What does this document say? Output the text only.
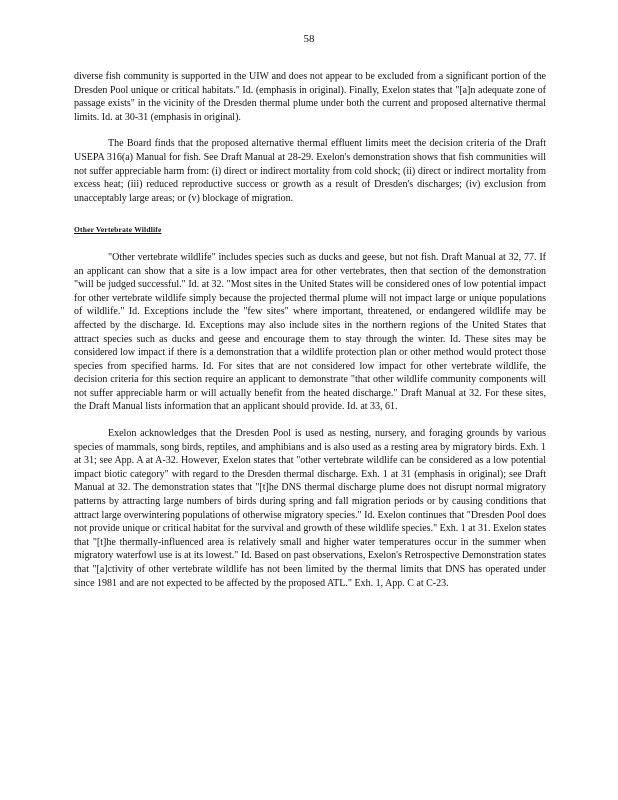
58

diverse fish community is supported in the UIW and does not appear to be excluded from a significant portion of the Dresden Pool unique or critical habitats." Id. (emphasis in original). Finally, Exelon states that "[a]n adequate zone of passage exists" in the vicinity of the Dresden thermal plume under both the current and proposed alternative thermal limits. Id. at 30-31 (emphasis in original).

The Board finds that the proposed alternative thermal effluent limits meet the decision criteria of the Draft USEPA 316(a) Manual for fish. See Draft Manual at 28-29. Exelon's demonstration shows that fish communities will not suffer appreciable harm from: (i) direct or indirect mortality from cold shock; (ii) direct or indirect mortality from excess heat; (iii) reduced reproductive success or growth as a result of Dresden's discharges; (iv) exclusion from unacceptably large areas; or (v) blockage of migration.

Other Vertebrate Wildlife

"Other vertebrate wildlife" includes species such as ducks and geese, but not fish. Draft Manual at 32, 77. If an applicant can show that a site is a low impact area for other vertebrates, then that section of the demonstration "will be judged successful." Id. at 32. "Most sites in the United States will be considered ones of low potential impact for other vertebrate wildlife simply because the projected thermal plume will not impact large or unique populations of wildlife." Id. Exceptions include the "few sites" where important, threatened, or endangered wildlife may be affected by the discharge. Id. Exceptions may also include sites in the northern regions of the United States that attract species such as ducks and geese and encourage them to stay through the winter. Id. These sites may be considered low impact if there is a demonstration that a wildlife protection plan or other method would protect those species from specified harms. Id. For sites that are not considered low impact for other vertebrate wildlife, the decision criteria for this section require an applicant to demonstrate "that other wildlife community components will not suffer appreciable harm or will actually benefit from the heated discharge." Draft Manual at 32. For these sites, the Draft Manual lists information that an applicant should provide. Id. at 33, 61.

Exelon acknowledges that the Dresden Pool is used as nesting, nursery, and foraging grounds by various species of mammals, song birds, reptiles, and amphibians and is also used as a resting area by migratory birds. Exh. 1 at 31; see App. A at A-32. However, Exelon states that "other vertebrate wildlife can be considered as a low potential impact biotic category" with regard to the Dresden thermal discharge. Exh. 1 at 31 (emphasis in original); see Draft Manual at 32. The demonstration states that "[t]he DNS thermal discharge plume does not disrupt normal migratory patterns by attracting large numbers of birds during spring and fall migration periods or by causing conditions that attract large overwintering populations of otherwise migratory species." Id. Exelon continues that "Dresden Pool does not provide unique or critical habitat for the survival and growth of these wildlife species." Exh. 1 at 31. Exelon states that "[t]he thermally-influenced area is relatively small and higher water temperatures occur in the summer when migratory waterfowl use is at its lowest." Id. Based on past observations, Exelon's Retrospective Demonstration states that "[a]ctivity of other vertebrate wildlife has not been limited by the thermal limits that DNS has operated under since 1981 and are not expected to be affected by the proposed ATL." Exh. 1, App. C at C-23.
